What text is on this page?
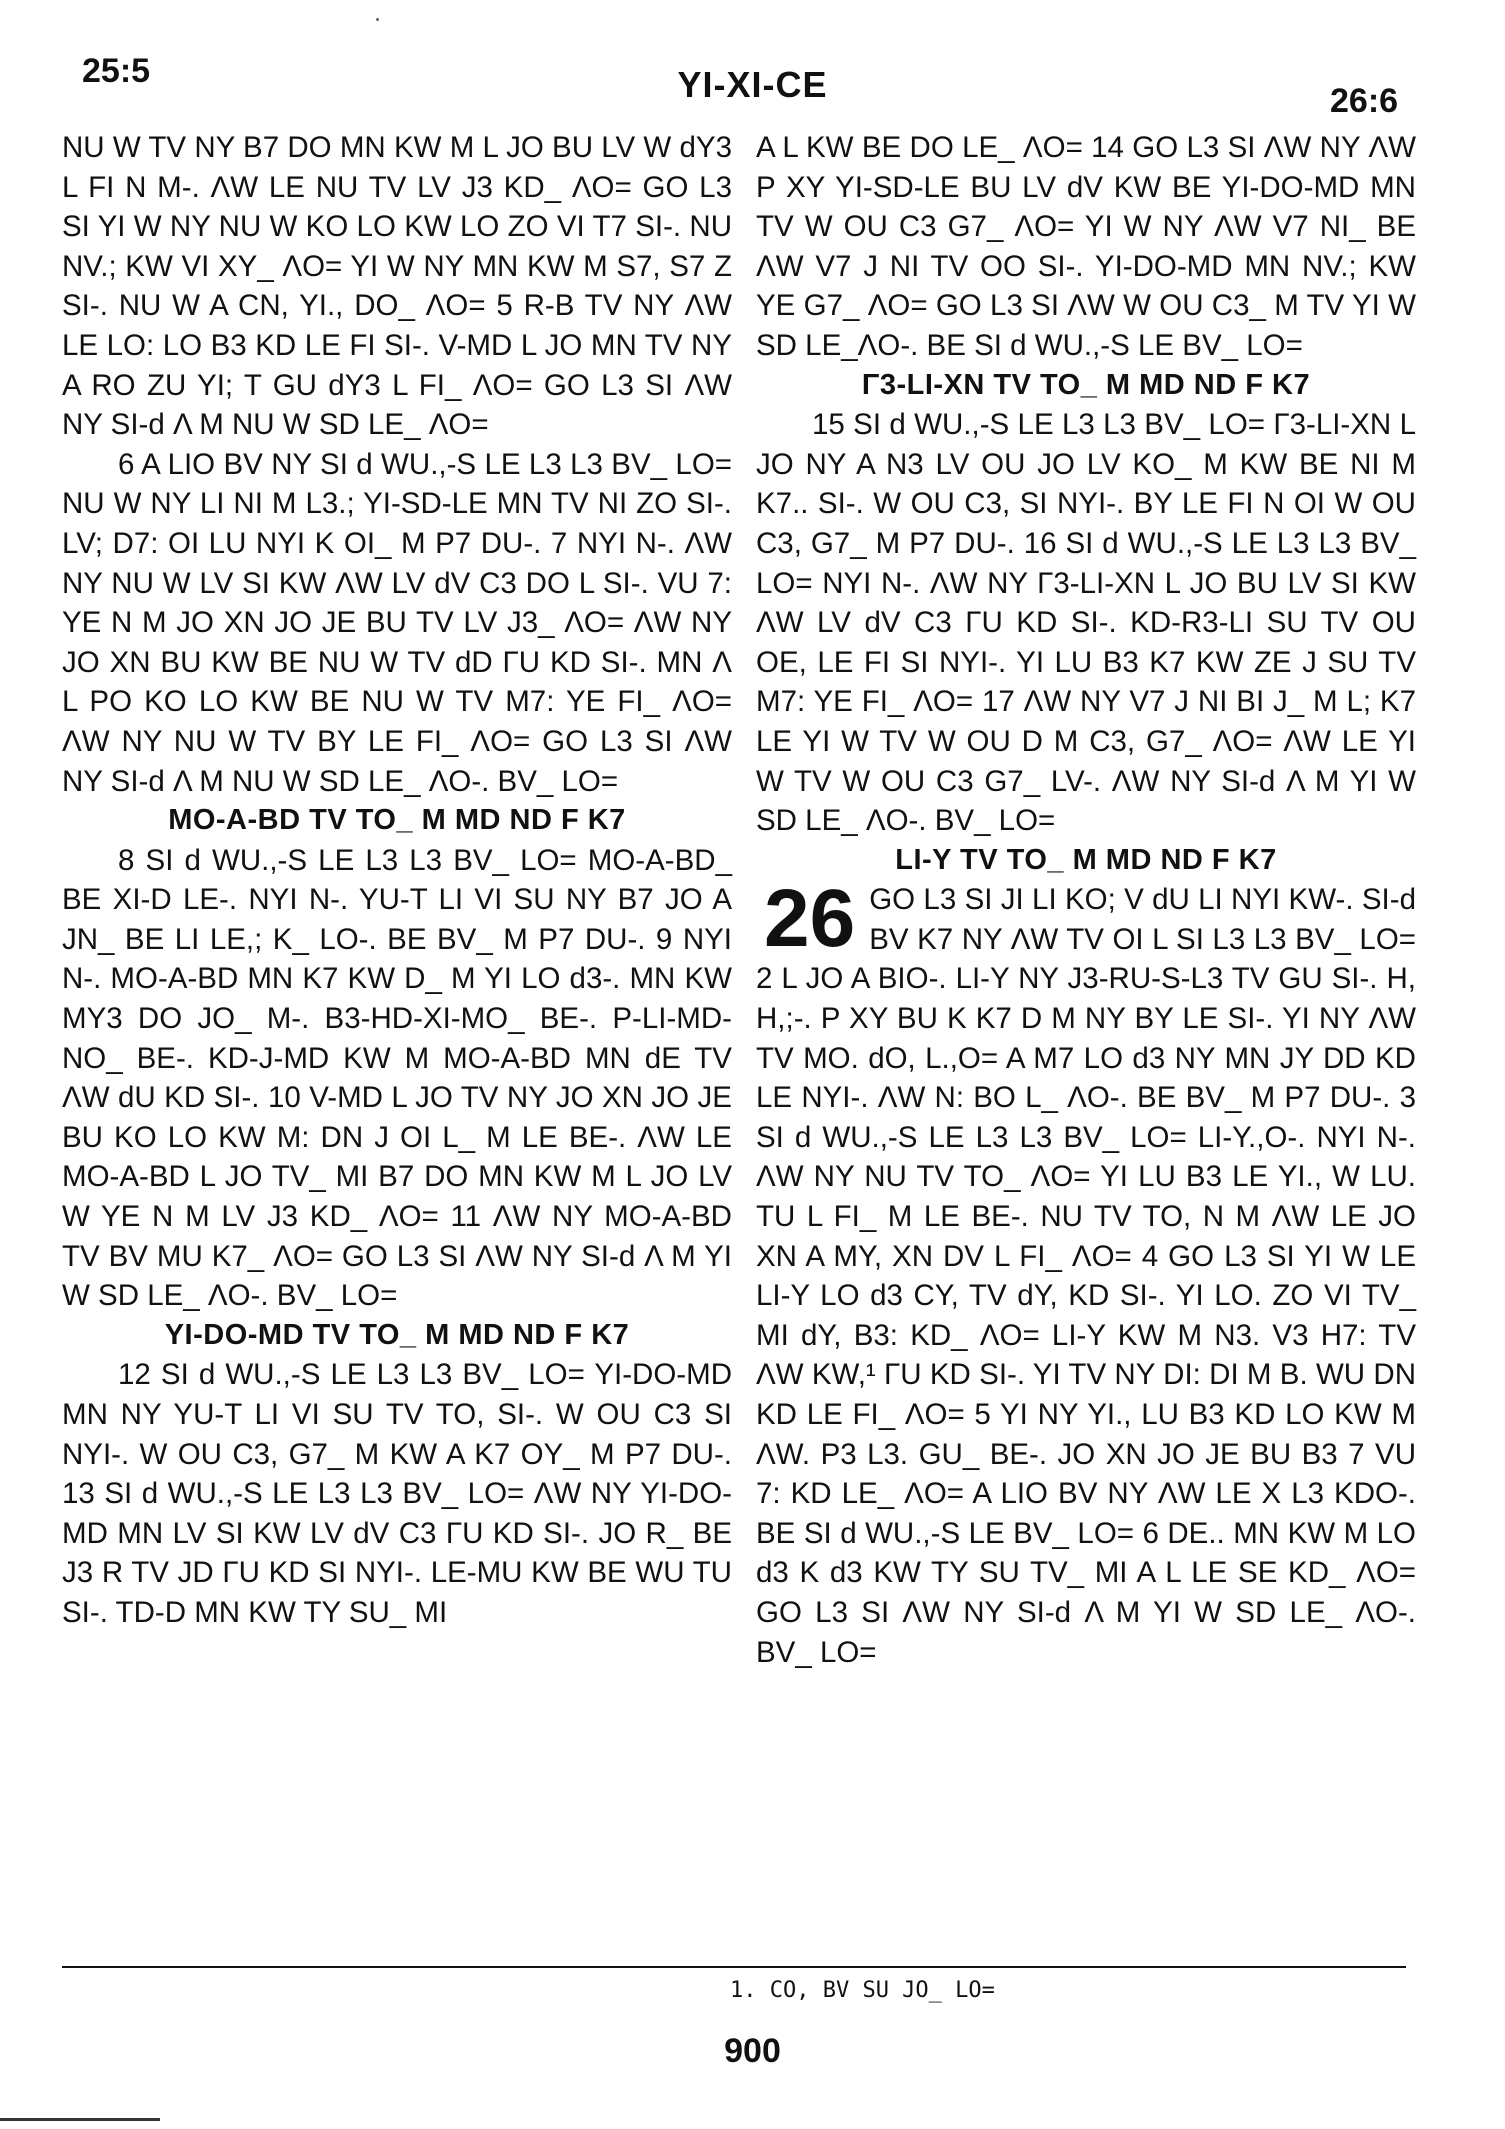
25:5	YI-XI-CE	26:6

NU W TV NY B7 DO MN KW M L JO BU LV W dY3 L FI N M-. ΛW LE NU TV LV J3 KD_ ΛO= GO L3 SI YI W NY NU W KO LO KW LO ZO VI T7 SI-. NU NV.; KW VI XY_ ΛO= YI W NY MN KW M S7, S7 Z SI-. NU W A CN, YI., DO_ ΛO= 5 R-B TV NY ΛW LE LO: LO B3 KD LE FI SI-. V-MD L JO MN TV NY A RO ZU YI; T GU dY3 L FI_ ΛO= GO L3 SI ΛW NY SI-d Λ M NU W SD LE_ ΛO=

6 A LIO BV NY SI d WU.,-S LE L3 L3 BV_ LO= NU W NY LI NI M L3.; YI-SD-LE MN TV NI ZO SI-. LV; D7: OI LU NYI K OI_ M P7 DU-. 7 NYI N-. ΛW NY NU W LV SI KW ΛW LV dV C3 DO L SI-. VU 7: YE N M JO XN JO JE BU TV LV J3_ ΛO= ΛW NY JO XN BU KW BE NU W TV dD ΓU KD SI-. MN Λ L PO KO LO KW BE NU W TV M7: YE FI_ ΛO= ΛW NY NU W TV BY LE FI_ ΛO= GO L3 SI ΛW NY SI-d Λ M NU W SD LE_ ΛO-. BV_ LO=

MO-A-BD TV TO_ M MD ND F K7

8 SI d WU.,-S LE L3 L3 BV_ LO= MO-A-BD_ BE XI-D LE-. NYI N-. YU-T LI VI SU NY B7 JO A JN_ BE LI LE,; K_ LO-. BE BV_ M P7 DU-. 9 NYI N-. MO-A-BD MN K7 KW D_ M YI LO d3-. MN KW MY3 DO JO_ M-. B3-HD-XI-MO_ BE-. P-LI-MD-NO_ BE-. KD-J-MD KW M MO-A-BD MN dE TV ΛW dU KD SI-. 10 V-MD L JO TV NY JO XN JO JE BU KO LO KW M: DN J OI L_ M LE BE-. ΛW LE MO-A-BD L JO TV_ MI B7 DO MN KW M L JO LV W YE N M LV J3 KD_ ΛO= 11 ΛW NY MO-A-BD TV BV MU K7_ ΛO= GO L3 SI ΛW NY SI-d Λ M YI W SD LE_ ΛO-. BV_ LO=

YI-DO-MD TV TO_ M MD ND F K7

12 SI d WU.,-S LE L3 L3 BV_ LO= YI-DO-MD MN NY YU-T LI VI SU TV TO, SI-. W OU C3 SI NYI-. W OU C3, G7_ M KW A K7 OY_ M P7 DU-. 13 SI d WU.,-S LE L3 L3 BV_ LO= ΛW NY YI-DO-MD MN LV SI KW LV dV C3 ΓU KD SI-. JO R_ BE J3 R TV JD ΓU KD SI NYI-. LE-MU KW BE WU TU SI-. TD-D MN KW TY SU_ MI

A L KW BE DO LE_ ΛO= 14 GO L3 SI ΛW NY ΛW P XY YI-SD-LE BU LV dV KW BE YI-DO-MD MN TV W OU C3 G7_ ΛO= YI W NY ΛW V7 NI_ BE ΛW V7 J NI TV OO SI-. YI-DO-MD MN NV.; KW YE G7_ ΛO= GO L3 SI ΛW W OU C3_ M TV YI W SD LE_ΛO-. BE SI d WU.,-S LE BV_ LO=

Γ3-LI-XN TV TO_ M MD ND F K7

15 SI d WU.,-S LE L3 L3 BV_ LO= Γ3-LI-XN L JO NY A N3 LV OU JO LV KO_ M KW BE NI M K7.. SI-. W OU C3, SI NYI-. BY LE FI N OI W OU C3, G7_ M P7 DU-. 16 SI d WU.,-S LE L3 L3 BV_ LO= NYI N-. ΛW NY Γ3-LI-XN L JO BU LV SI KW ΛW LV dV C3 ΓU KD SI-. KD-R3-LI SU TV OU OE, LE FI SI NYI-. YI LU B3 K7 KW ZE J SU TV M7: YE FI_ ΛO= 17 ΛW NY V7 J NI BI J_ M L; K7 LE YI W TV W OU D M C3, G7_ ΛO= ΛW LE YI W TV W OU C3 G7_ LV-. ΛW NY SI-d Λ M YI W SD LE_ ΛO-. BV_ LO=

LI-Y TV TO_ M MD ND F K7
26 GO L3 SI JI LI KO; V dU LI NYI KW-. SI-d BV K7 NY ΛW TV OI L SI L3 L3 BV_ LO= 2 L JO A BIO-. LI-Y NY J3-RU-S-L3 TV GU SI-. H, H,;-. P XY BU K K7 D M NY BY LE SI-. YI NY ΛW TV MO. dO, L.,O= A M7 LO d3 NY MN JY DD KD LE NYI-. ΛW N: BO L_ ΛO-. BE BV_ M P7 DU-. 3 SI d WU.,-S LE L3 L3 BV_ LO= LI-Y.,O-. NYI N-. ΛW NY NU TV TO_ ΛO= YI LU B3 LE YI., W LU. TU L FI_ M LE BE-. NU TV TO, N M ΛW LE JO XN A MY, XN DV L FI_ ΛO= 4 GO L3 SI YI W LE LI-Y LO d3 CY, TV dY, KD SI-. YI LO. ZO VI TV_ MI dY, B3: KD_ ΛO= LI-Y KW M N3. V3 H7: TV ΛW KW,¹ ΓU KD SI-. YI TV NY DI: DI M B. WU DN KD LE FI_ ΛO= 5 YI NY YI., LU B3 KD LO KW M ΛW. P3 L3. GU_ BE-. JO XN JO JE BU B3 7 VU 7: KD LE_ ΛO= A LIO BV NY ΛW LE X L3 KDO-. BE SI d WU.,-S LE BV_ LO= 6 DE.. MN KW M LO d3 K d3 KW TY SU TV_ MI A L LE SE KD_ ΛO= GO L3 SI ΛW NY SI-d Λ M YI W SD LE_ ΛO-. BV_ LO=

1. CO, BV SU JO_ LO=
900
